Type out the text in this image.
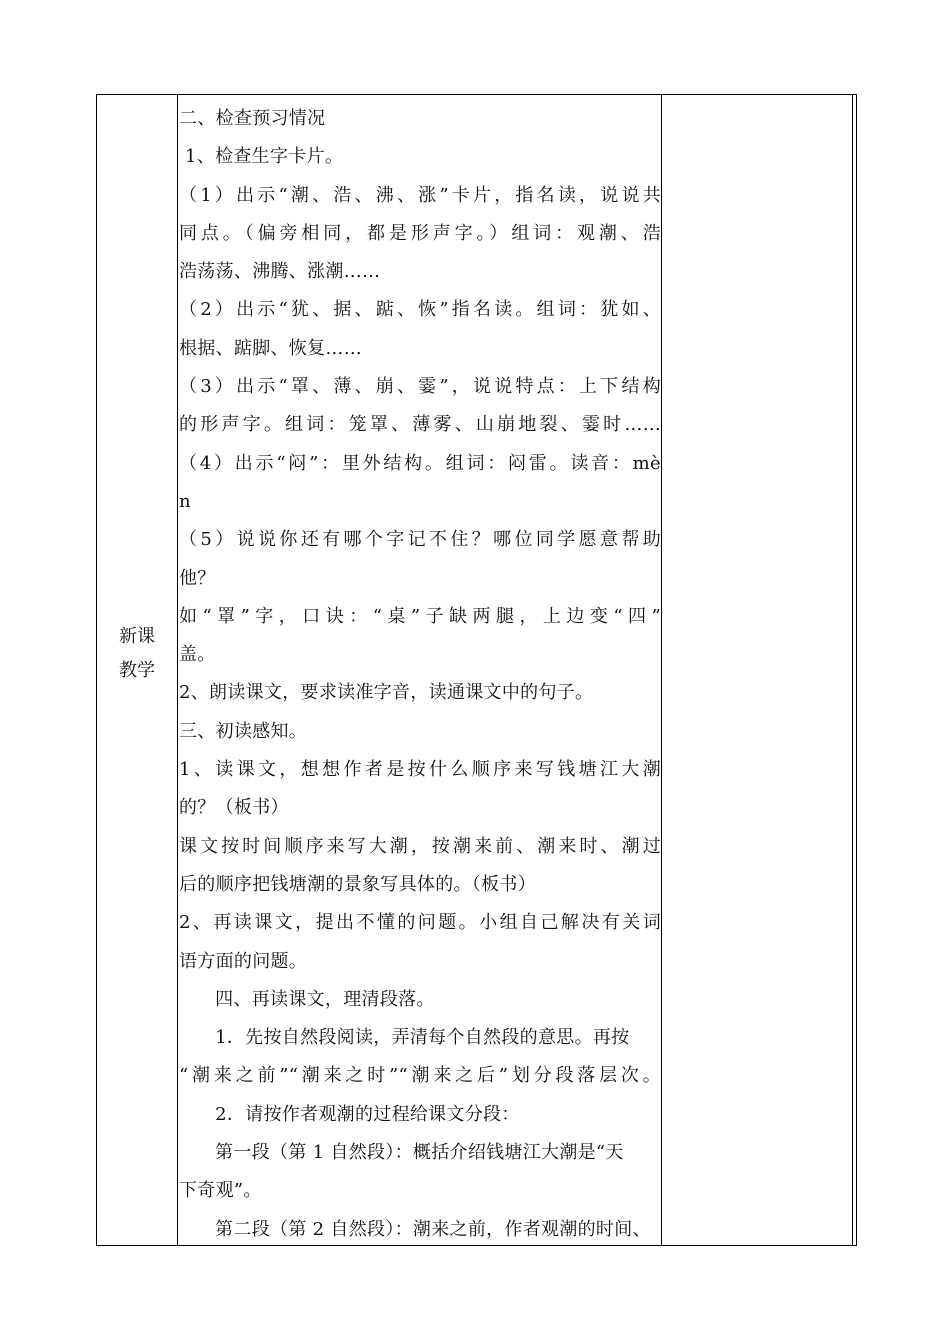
新课
教学
二、检查预习情况
1、检查生字卡片。
（1）出示“潮、浩、沸、涨”卡片，指名读，说说共
同点。（偏旁相同，都是形声字。）组词：观潮、浩
浩荡荡、沸腾、涨潮……
（2）出示“犹、据、踮、恢”指名读。组词：犹如、
根据、踮脚、恢复……
（3）出示“罩、薄、崩、霎”，说说特点：上下结构
的形声字。组词：笼罩、薄雾、山崩地裂、霎时……
（4）出示“闷”：里外结构。组词：闷雷。读音：mè
n
（5）说说你还有哪个字记不住？哪位同学愿意帮助
他？
如“罩”字，口诀：“桌”子缺两腿，上边变“四”
盖。
2、朗读课文，要求读准字音，读通课文中的句子。
三、初读感知。
1、读课文，想想作者是按什么顺序来写钱塘江大潮
的？（板书）
课文按时间顺序来写大潮，按潮来前、潮来时、潮过
后的顺序把钱塘潮的景象写具体的。（板书）
2、再读课文，提出不懂的问题。小组自己解决有关词
语方面的问题。
四、再读课文，理清段落。
1．先按自然段阅读，弄清每个自然段的意思。再按
“潮来之前”“潮来之时”“潮来之后”划分段落层次。
2．请按作者观潮的过程给课文分段：
第一段（第 1 自然段）：概括介绍钱塘江大潮是“天
下奇观”。
第二段（第 2 自然段）：潮来之前，作者观潮的时间、
